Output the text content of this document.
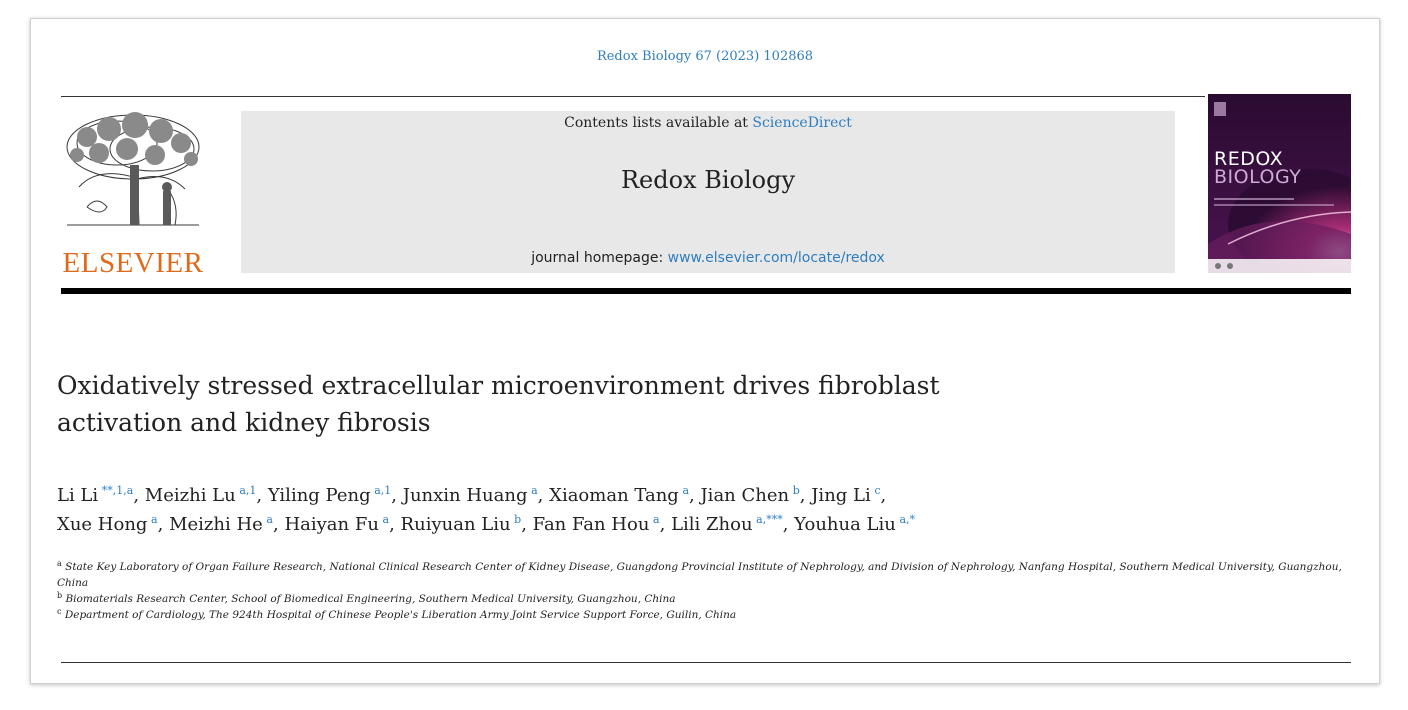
Redox Biology 67 (2023) 102868
ELSEVIER
Contents lists available at ScienceDirect
Redox Biology
journal homepage: www.elsevier.com/locate/redox
REDOX
BIOLOGY
Oxidatively stressed extracellular microenvironment drives fibroblast
activation and kidney fibrosis
Li Li  $^{**,1,a}$, Meizhi Lu  $^{a,1}$, Yiling Peng  $^{a,1}$, Junxin Huang  $^a$, Xiaoman Tang  $^a$, Jian Chen  $^b$, Jing Li  $^c$,
Xue Hong  $^a$, Meizhi He  $^a$, Haiyan Fu  $^a$, Ruiyuan Liu  $^b$, Fan Fan Hou  $^a$, Lili Zhou  $^{a,***}$, Youhua Liu  $^{a,*}$
$^a$ State Key Laboratory of Organ Failure Research, National Clinical Research Center of Kidney Disease, Guangdong Provincial Institute of Nephrology, and Division of Nephrology, Nanfang Hospital, Southern Medical University, Guangzhou, China
$^b$ Biomaterials Research Center, School of Biomedical Engineering, Southern Medical University, Guangzhou, China
$^c$ Department of Cardiology, The 924th Hospital of Chinese People's Liberation Army Joint Service Support Force, Guilin, China
